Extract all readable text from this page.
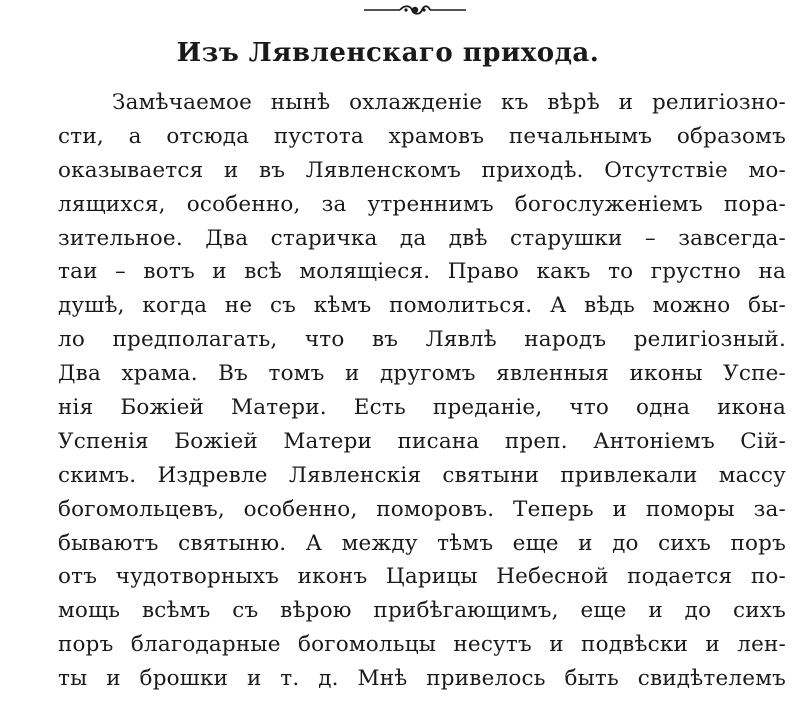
Изъ Лявленскаго прихода.
Замѣчаемое нынѣ охлажденіе къ вѣрѣ и религіозно-
сти, а отсюда пустота храмовъ печальнымъ образомъ
оказывается и въ Лявленскомъ приходѣ. Отсутствіе мо-
лящихся, особенно, за утреннимъ богослуженіемъ пора-
зительное. Два старичка да двѣ старушки – завсегда-
таи – вотъ и всѣ молящіеся. Право какъ то грустно на
душѣ, когда не съ кѣмъ помолиться. А вѣдь можно бы-
ло предполагать, что въ Лявлѣ народъ религіозный.
Два храма. Въ томъ и другомъ явленныя иконы Успе-
нія Божіей Матери. Есть преданіе, что одна икона
Успенія Божіей Матери писана преп. Антоніемъ Сій-
скимъ. Издревле Лявленскія святыни привлекали массу
богомольцевъ, особенно, поморовъ. Теперь и поморы за-
бываютъ святыню. А между тѣмъ еще и до сихъ поръ
отъ чудотворныхъ иконъ Царицы Небесной подается по-
мощь всѣмъ съ вѣрою прибѣгающимъ, еще и до сихъ
поръ благодарные богомольцы несутъ и подвѣски и лен-
ты и брошки и т. д. Мнѣ привелось быть свидѣтелемъ
